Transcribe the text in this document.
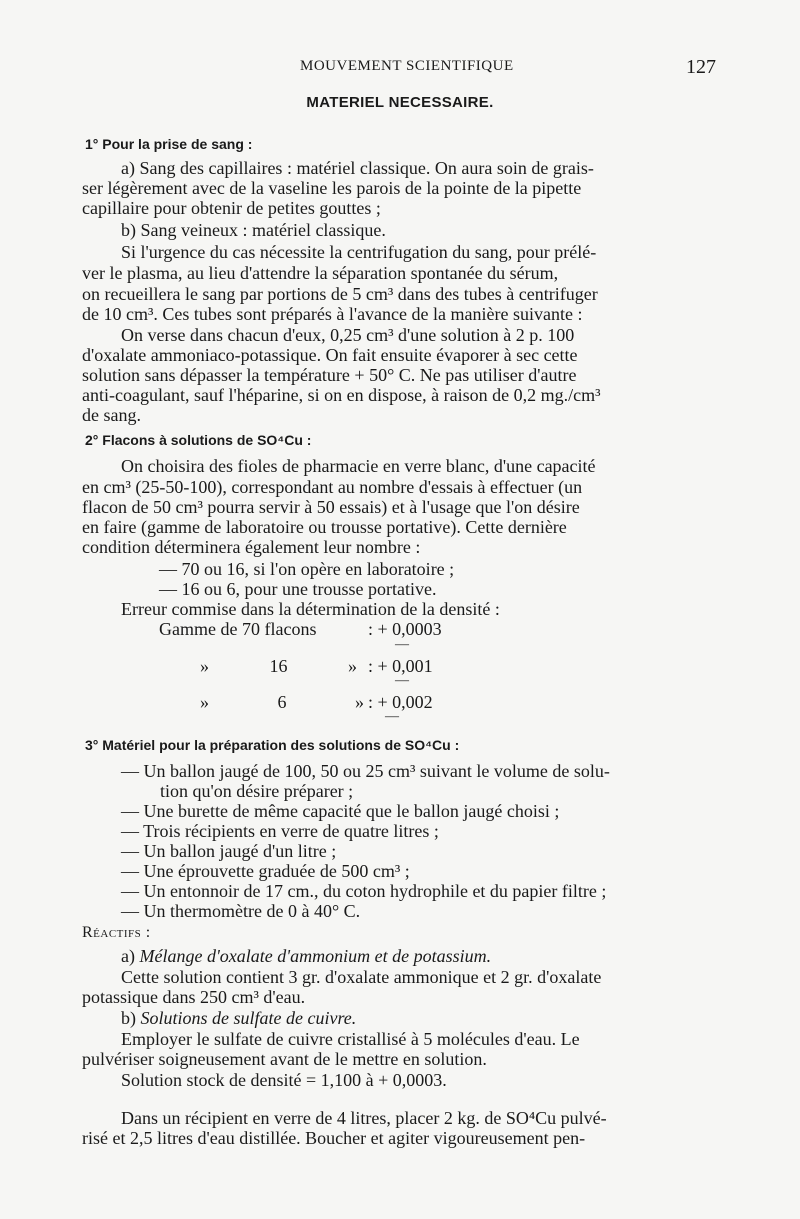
MOUVEMENT SCIENTIFIQUE	127
MATERIEL NECESSAIRE.
1° Pour la prise de sang :
a) Sang des capillaires : matériel classique. On aura soin de grais-
ser légèrement avec de la vaseline les parois de la pointe de la pipette
capillaire pour obtenir de petites gouttes ;
b) Sang veineux : matériel classique.
Si l'urgence du cas nécessite la centrifugation du sang, pour prélé-
ver le plasma, au lieu d'attendre la séparation spontanée du sérum,
on recueillera le sang par portions de 5 cm³ dans des tubes à centrifuger
de 10 cm³. Ces tubes sont préparés à l'avance de la manière suivante :
On verse dans chacun d'eux, 0,25 cm³ d'une solution à 2 p. 100
d'oxalate ammoniaco-potassique. On fait ensuite évaporer à sec cette
solution sans dépasser la température + 50° C. Ne pas utiliser d'autre
anti-coagulant, sauf l'héparine, si on en dispose, à raison de 0,2 mg./cm³
de sang.
2° Flacons à solutions de SO⁴Cu :
On choisira des fioles de pharmacie en verre blanc, d'une capacité
en cm³ (25-50-100), correspondant au nombre d'essais à effectuer (un
flacon de 50 cm³ pourra servir à 50 essais) et à l'usage que l'on désire
en faire (gamme de laboratoire ou trousse portative). Cette dernière
condition déterminera également leur nombre :
— 70 ou 16, si l'on opère en laboratoire ;
— 16 ou 6, pour une trousse portative.
Erreur commise dans la détermination de la densité :
Gamme de 70 flacons	: + 0,0003
—
» 16 » : + 0,001
—
» 6 » : + 0,002
—
3° Matériel pour la préparation des solutions de SO⁴Cu :
— Un ballon jaugé de 100, 50 ou 25 cm³ suivant le volume de solu-
tion qu'on désire préparer ;
— Une burette de même capacité que le ballon jaugé choisi ;
— Trois récipients en verre de quatre litres ;
— Un ballon jaugé d'un litre ;
— Une éprouvette graduée de 500 cm³ ;
— Un entonnoir de 17 cm., du coton hydrophile et du papier filtre ;
— Un thermomètre de 0 à 40° C.
Réactifs :
a) Mélange d'oxalate d'ammonium et de potassium.
Cette solution contient 3 gr. d'oxalate ammonique et 2 gr. d'oxalate
potassique dans 250 cm³ d'eau.
b) Solutions de sulfate de cuivre.
Employer le sulfate de cuivre cristallisé à 5 molécules d'eau. Le
pulvériser soigneusement avant de le mettre en solution.
Solution stock de densité = 1,100 à + 0,0003.
Dans un récipient en verre de 4 litres, placer 2 kg. de SO⁴Cu pulvé-
risé et 2,5 litres d'eau distillée. Boucher et agiter vigoureusement pen-
